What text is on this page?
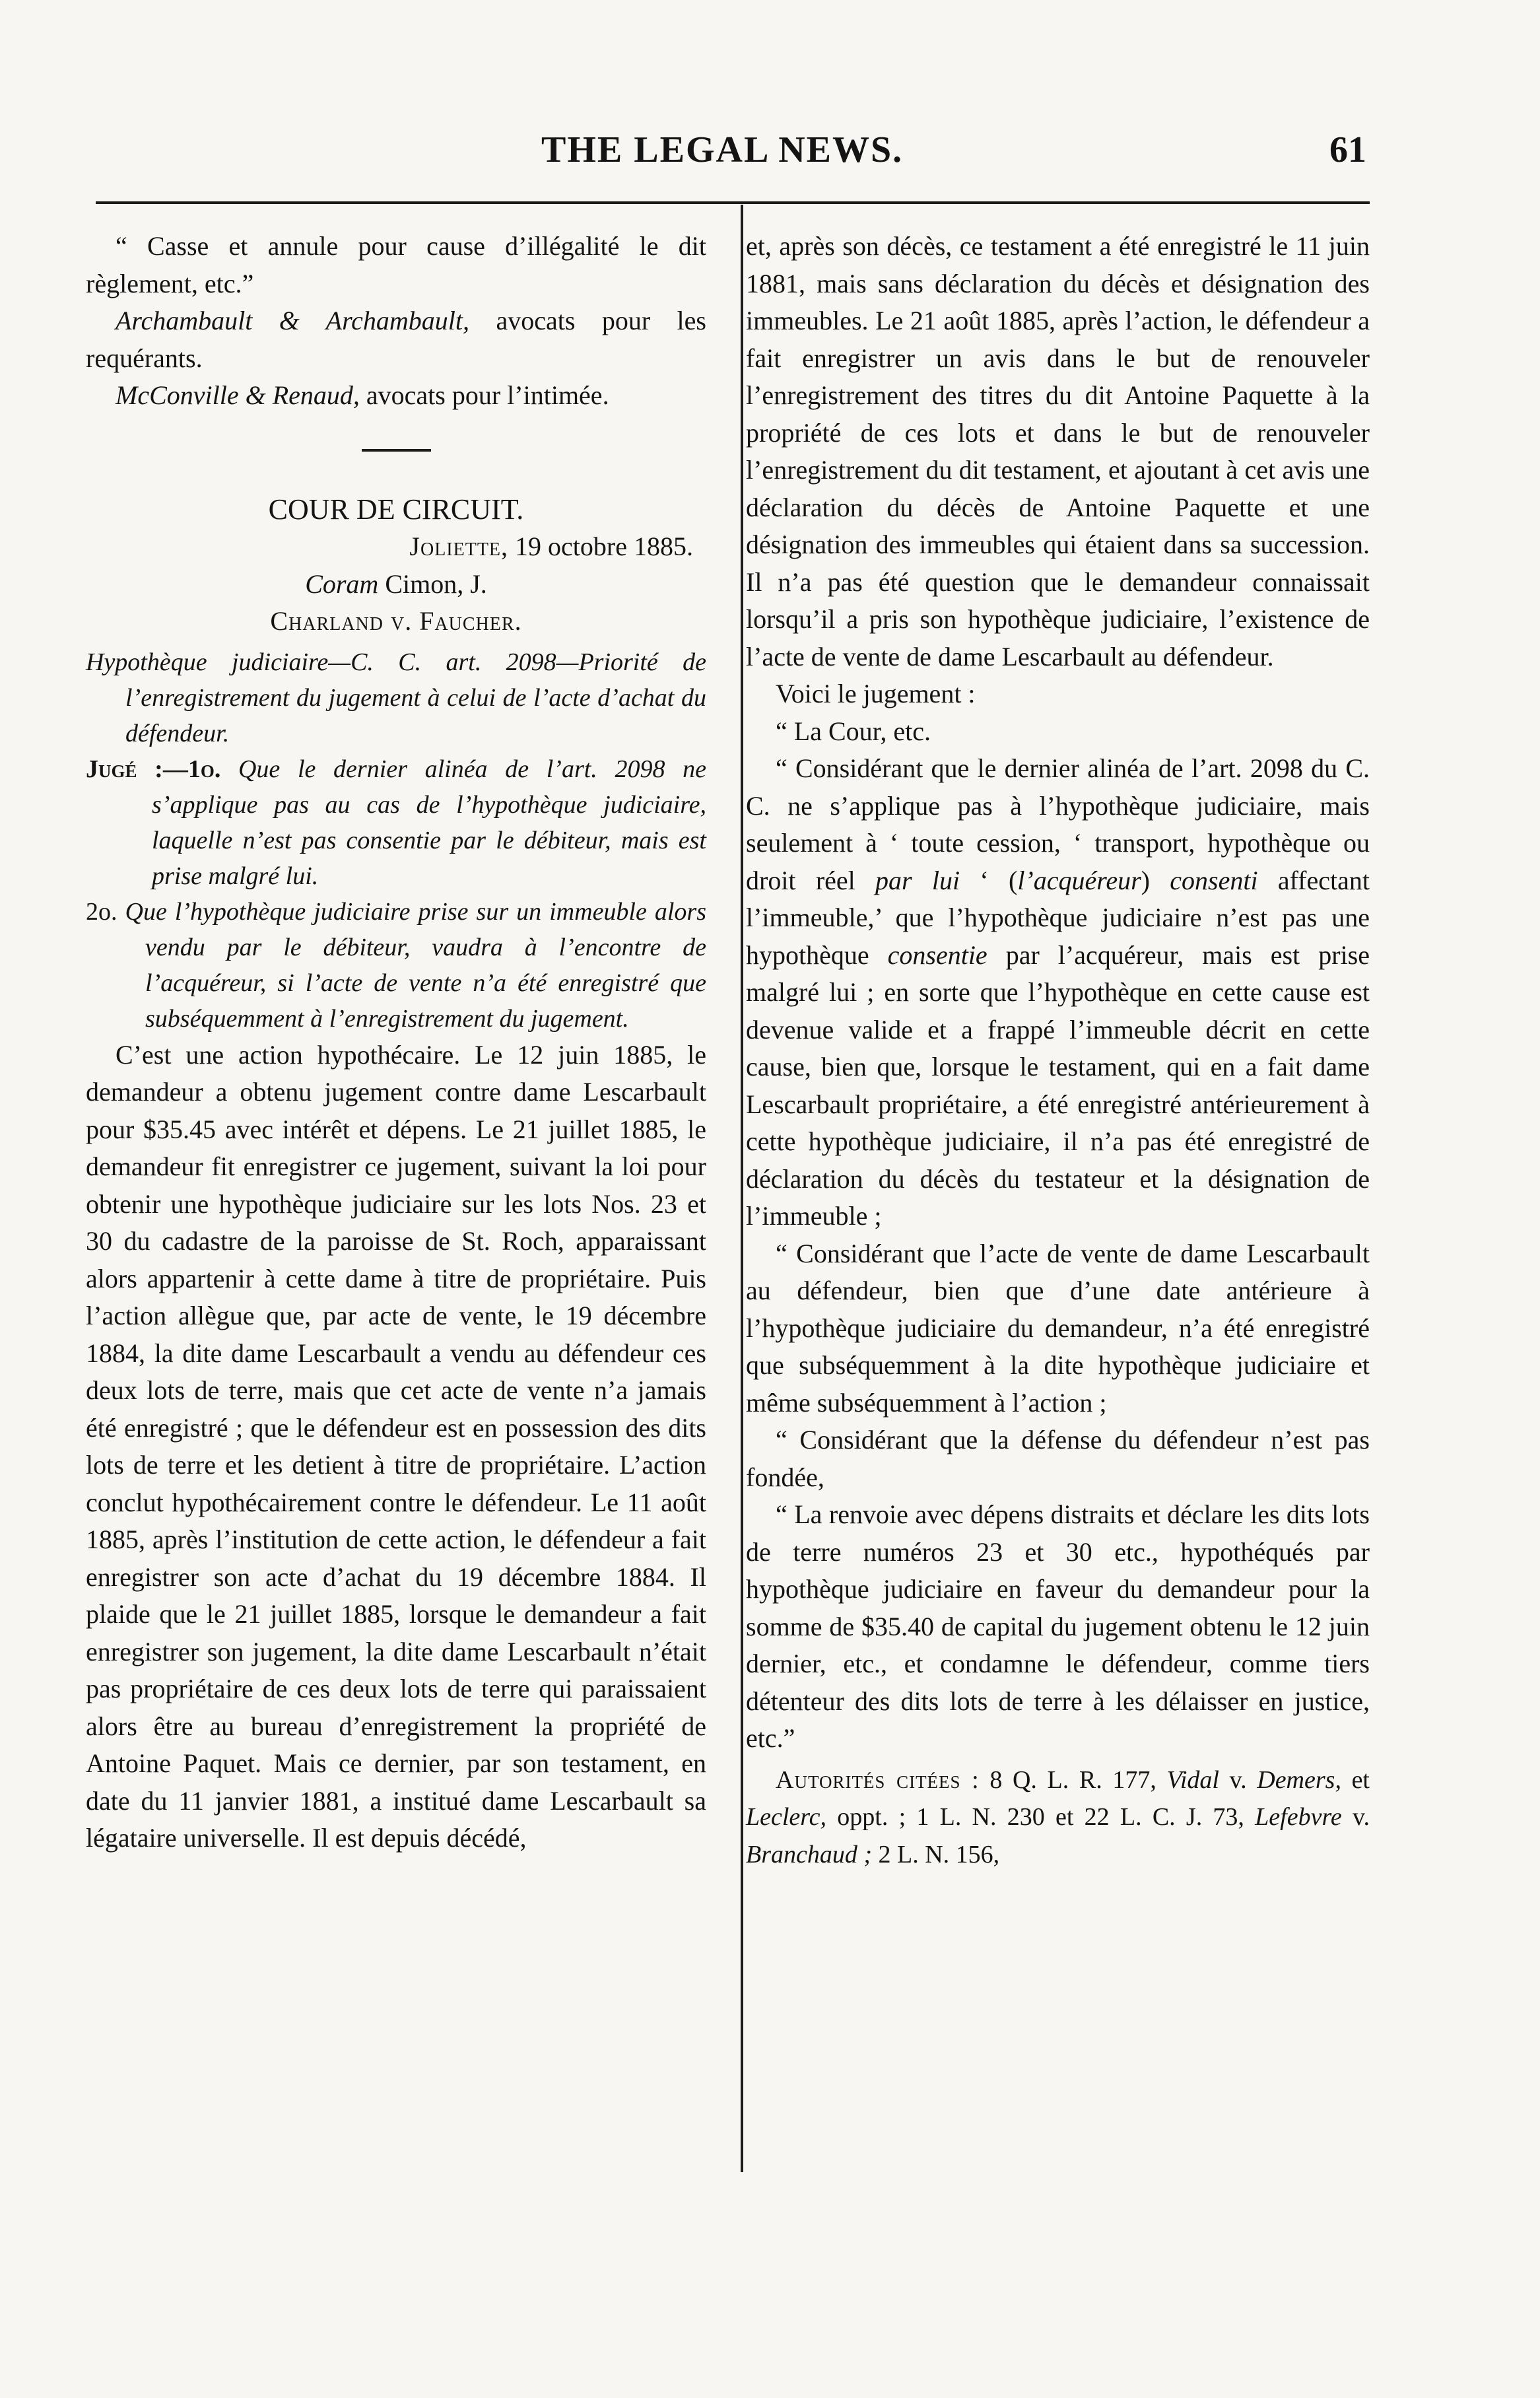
THE LEGAL NEWS.	61

“ Casse et annule pour cause d’illégalité le dit règlement, etc.”

Archambault & Archambault, avocats pour les requérants.

McConville & Renaud, avocats pour l’intimée.

COUR DE CIRCUIT.

Joliette, 19 octobre 1885.

Coram Cimon, J.

Charland v. Faucher.

Hypothèque judiciaire—C. C. art. 2098—Priorité de l’enregistrement du jugement à celui de l’acte d’achat du défendeur.

Jugé :—1o. Que le dernier alinéa de l’art. 2098 ne s’applique pas au cas de l’hypothèque judiciaire, laquelle n’est pas consentie par le débiteur, mais est prise malgré lui.

2o. Que l’hypothèque judiciaire prise sur un immeuble alors vendu par le débiteur, vaudra à l’encontre de l’acquéreur, si l’acte de vente n’a été enregistré que subséquemment à l’enregistrement du jugement.

C’est une action hypothécaire. Le 12 juin 1885, le demandeur a obtenu jugement contre dame Lescarbault pour $35.45 avec intérêt et dépens. Le 21 juillet 1885, le demandeur fit enregistrer ce jugement, suivant la loi pour obtenir une hypothèque judiciaire sur les lots Nos. 23 et 30 du cadastre de la paroisse de St. Roch, apparaissant alors appartenir à cette dame à titre de propriétaire. Puis l’action allègue que, par acte de vente, le 19 décembre 1884, la dite dame Lescarbault a vendu au défendeur ces deux lots de terre, mais que cet acte de vente n’a jamais été enregistré ; que le défendeur est en possession des dits lots de terre et les detient à titre de propriétaire. L’action conclut hypothécairement contre le défendeur. Le 11 août 1885, après l’institution de cette action, le défendeur a fait enregistrer son acte d’achat du 19 décembre 1884. Il plaide que le 21 juillet 1885, lorsque le demandeur a fait enregistrer son jugement, la dite dame Lescarbault n’était pas propriétaire de ces deux lots de terre qui paraissaient alors être au bureau d’enregistrement la propriété de Antoine Paquet. Mais ce dernier, par son testament, en date du 11 janvier 1881, a institué dame Lescarbault sa légataire universelle. Il est depuis décédé,

et, après son décès, ce testament a été enregistré le 11 juin 1881, mais sans déclaration du décès et désignation des immeubles. Le 21 août 1885, après l’action, le défendeur a fait enregistrer un avis dans le but de renouveler l’enregistrement des titres du dit Antoine Paquette à la propriété de ces lots et dans le but de renouveler l’enregistrement du dit testament, et ajoutant à cet avis une déclaration du décès de Antoine Paquette et une désignation des immeubles qui étaient dans sa succession. Il n’a pas été question que le demandeur connaissait lorsqu’il a pris son hypothèque judiciaire, l’existence de l’acte de vente de dame Lescarbault au défendeur.

Voici le jugement :

“ La Cour, etc.

“ Considérant que le dernier alinéa de l’art. 2098 du C. C. ne s’applique pas à l’hypothèque judiciaire, mais seulement à ‘ toute cession, ‘ transport, hypothèque ou droit réel par lui ‘ (l’acquéreur) consenti affectant l’immeuble,’ que l’hypothèque judiciaire n’est pas une hypothèque consentie par l’acquéreur, mais est prise malgré lui ; en sorte que l’hypothèque en cette cause est devenue valide et a frappé l’immeuble décrit en cette cause, bien que, lorsque le testament, qui en a fait dame Lescarbault propriétaire, a été enregistré antérieurement à cette hypothèque judiciaire, il n’a pas été enregistré de déclaration du décès du testateur et la désignation de l’immeuble ;

“ Considérant que l’acte de vente de dame Lescarbault au défendeur, bien que d’une date antérieure à l’hypothèque judiciaire du demandeur, n’a été enregistré que subséquemment à la dite hypothèque judiciaire et même subséquemment à l’action ;

“ Considérant que la défense du défendeur n’est pas fondée,

“ La renvoie avec dépens distraits et déclare les dits lots de terre numéros 23 et 30 etc., hypothéqués par hypothèque judiciaire en faveur du demandeur pour la somme de $35.40 de capital du jugement obtenu le 12 juin dernier, etc., et condamne le défendeur, comme tiers détenteur des dits lots de terre à les délaisser en justice, etc.”

Autorités citées : 8 Q. L. R. 177, Vidal v. Demers, et Leclerc, oppt. ; 1 L. N. 230 et 22 L. C. J. 73, Lefebvre v. Branchaud ; 2 L. N. 156,
